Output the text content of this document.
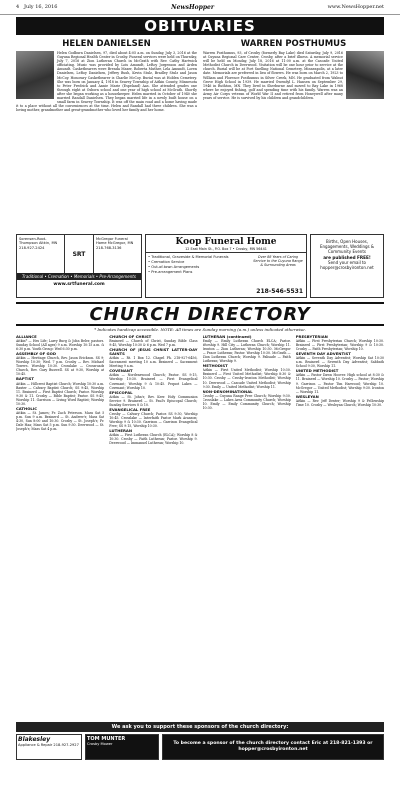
4 July 16, 2016	NewsHopper	www.NewsHopper.net
OBITUARIES
HELEN DANIELSEN
Helen Godburn Danielsen, 97, died about 4:05 a.m. on Sunday, July 3, 2016 at the Guyuna Regional Health Center in Crosby. Funeral services were held on Thursday, July 7, 2016 at Zion Lutheran Church in McGrath with Rev. Cathy Hartwick officiating. Music was provided by Lois Amundt, LeRoy Jorgenson and Arden Amundt. Casketbearers were Brenda Mazer, Roberta Muther, Lela Amundt, Loren Danielsen, LeRoy Danielsen, Jeffrey Bush, Kevin Stulz, Bradley Stulz and Jason McCoy. Honorary Casketbearer is Charlie McCoy. Burial was at Holden Cemetery. She was born on January 4, 1918 in Seavey Township of Aitkin County, Minnesota to Peter Fredrick and Annie Marie (Espeland) Aas. She attended grades one through eight at Osborn school and one year of high school at McGrath. Shortly after she began working as a housekeeper. Helen married in October of 1940 she married Randall Danielsen. They began married life in a newly built house on a small farm in Seavey Township. It was off the main road and a home having made it to a place without all the conveniences at the time. Helen and Randall had three children. She was a loving mother, grandmother and great-grandmother who loved her family and her home.
WARREN POSTHUMUS
Warren Posthumus, 93, of Crosby (formerly Bay Lake) died Saturday, July 9, 2016 at Cuyuna Regional Care Center, Crosby, after a brief illness. A memorial service will be held on Monday, July 18, 2016 at 11:00 a.m. at the Cascade United Methodist Church in Deerwood. Visitation will be one hour prior to service at the church. Burial will be at Fort Snelling National Cemetery, Minneapolis, at a later date. Memorials are preferred in lieu of flowers. He was born on March 2, 1923 to William and Florence Posthumus in Silver Creek, MN. He graduated from Walnut Grove High School in 1939. He married Gwendyl L. Hansen on September 29, 1946 in Ruthton, MN. They lived in Sherburne and moved to Bay Lake in 1968 where he enjoyed fishing, golf and spending time with his family. Warren was an Army Air Corps veteran of World War II and retired from Honeywell after many years of service. He is survived by his children and grandchildren.
Sorensen-Root-Thompson Aitkin, MN 218-927-2424
SRT
McGregor Funeral Home McGregor, MN 218-768-3136
Traditional • Cremation • Memorials • Pre-Arrangements
www.srtfuneral.com
Koop Funeral Home
12 East Main St., P.O. Box 7 • Crosby, MN 56441
• Traditional, Graveside & Memorial Funerals
• Cremation Service
• Out-of-town Arrangements
• Pre-arrangement Plans
Over 88 Years of Caring Service to the Cuyuna Range & Surrounding Areas
218-546-5531
Births, Open Houses, Engagements, Weddings & Community Events
are published FREE!
Send your email to hopper@crosbyironton.net
CHURCH DIRECTORY
* Indicates handicap accessible. NOTE: All times are Sunday morning (a.m.) unless indicated otherwise.
ALLIANCE

Aitkin* — Hes Life; Larry Burg & John Beler, pastors. Sunday School (All ages) 9 a.m. Worship 10:15 a.m. & 6:30 p.m. Youth Group: Wed 6:30 p.m.

ASSEMBLY OF GOD

Aitkin — Heritage Church, Rev. Jason Erickson. SS 9; Worship 10:30; Wed. 7 p.m. Crosby — Rev. Michael Towers. Worship 10:30. Crosslake — Crossroads Church, Rev. Gary Buswell. SS at 9:30, Worship at 10:45.

BAPTIST

Aitkin — Hillcrest Baptist Church; Worship 10:30 a.m. Baxter — Calvary Baptist Church; SS 9:45, Worship 11. Brainerd — First Baptist Church; Pastor. Worship 9:30 & 11. Crosby — Bible Baptist; Pastor. SS 9:45; Worship 11. Garrison — Living Word Baptist; Worship 10:30.

CATHOLIC

Aitkin — St. James; Fr. Zach Peterson. Mass Sat 5 p.m. Sun 9 a.m. Brainerd — St. Andrew's; Mass Sat 4:30, Sun 8:00 and 10:30. Crosby — St. Joseph's; Fr. Dale Haa; Mass Sat 5 p.m. Sun 9:30. Deerwood — St. Joseph's; Mass Sat 4 p.m.

CHURCH OF CHRIST

Brainerd — Church of Christ, Sunday Bible Class 9:45, Worship 10:30 & 6 p.m. Wed 7 p.m.

CHURCH OF JESUS CHRIST LATTER-DAY SAINTS

Aitkin — Rt. 1 Box 12. Chapel Ph. 218-927-6456, Sacrament meeting 10 a.m. Brainerd — Sacrament Meeting 9 a.m.

COVENANT

Aitkin — Nordenswood Church; Pastor. SS 9:15, Worship 10:30. Brainerd — First Evangelical Covenant; Worship 9 & 10:45. Pequot Lakes — Covenant; Worship 10.

EPISCOPAL

Aitkin — St. John's; Rev. Kerr. Holy Communion Service 9. Brainerd — St. Paul's Episcopal Church; Sunday Services 8 & 10.

EVANGELICAL FREE

Crosby — Calvary Church; Pastor. SS 9:30, Worship 10:45. Crosslake — Interfaith Pastor Mark Aranson; Worship 9 & 10:30. Garrison — Garrison Evangelical Free; SS 9:15, Worship 10:30.

LUTHERAN

Aitkin — First Lutheran Church (ELCA); Worship 8 & 10:30. Crosby — Faith Lutheran; Pastor. Worship 9. Deerwood — Immanuel Lutheran; Worship 10.

LUTHERAN (continued)

Emily — Emily Lutheran Church ELCA; Pastor. Worship 9. Hill City — Lutheran Church; Worship 11. Ironton — Zion Lutheran; Worship 10:30. McGregor — Peace Lutheran; Pastor. Worship 10:30. McGrath — Zion Lutheran Church; Worship 9. Palisade — Faith Lutheran; Worship 9.

METHODIST

Aitkin — First United Methodist; Worship 10:30. Brainerd — First United Methodist; Worship 8:30 & 10:30. Crosby — Crosby-Ironton Methodist; Worship 10. Deerwood — Cascade United Methodist; Worship 9:30. Emily — United Methodist; Worship 11.

NON-DENOMINATIONAL

Crosby — Cuyuna Range Free Church; Worship 9:30. Crosslake — Lakes Area Community Church; Worship 10. Emily — Emily Community Church; Worship 10:30.

PRESBYTERIAN

Aitkin — First Presbyterian Church; Worship 10:30. Brainerd — First Presbyterian; Worship 9 & 10:30. Crosby — Faith Presbyterian; Worship 10.

SEVENTH DAY ADVENTIST

Aitkin — Seventh Day Adventist; Worship Sat 10:30 a.m. Brainerd — Seventh Day Adventist; Sabbath School 9:30, Worship 11.

UNITED METHODIST

Aitkin — Pastor Dawn Hoover. High school at 8:30 & 11. Brainerd — Worship 10. Crosby — Pastor; Worship 9. Garrison — Pastor Tim Harwood; Worship 10. McGregor — United Methodist; Worship 9:30. Ironton — Worship 11.

WESLEYAN

Aitkin — Rev. Jeff Dexter; Worship 9 & Fellowship Time 10. Crosby — Wesleyan Church; Worship 10:30.

We ask you to support these sponsors of the church directory:
Blakesley
Appliance & Repair 218-927-2927
TOM MUNTER
Crosby Mower	To become a sponsor of the church directory contact Eric at 218-821-1393 or
hopper@crosbyironton.net
